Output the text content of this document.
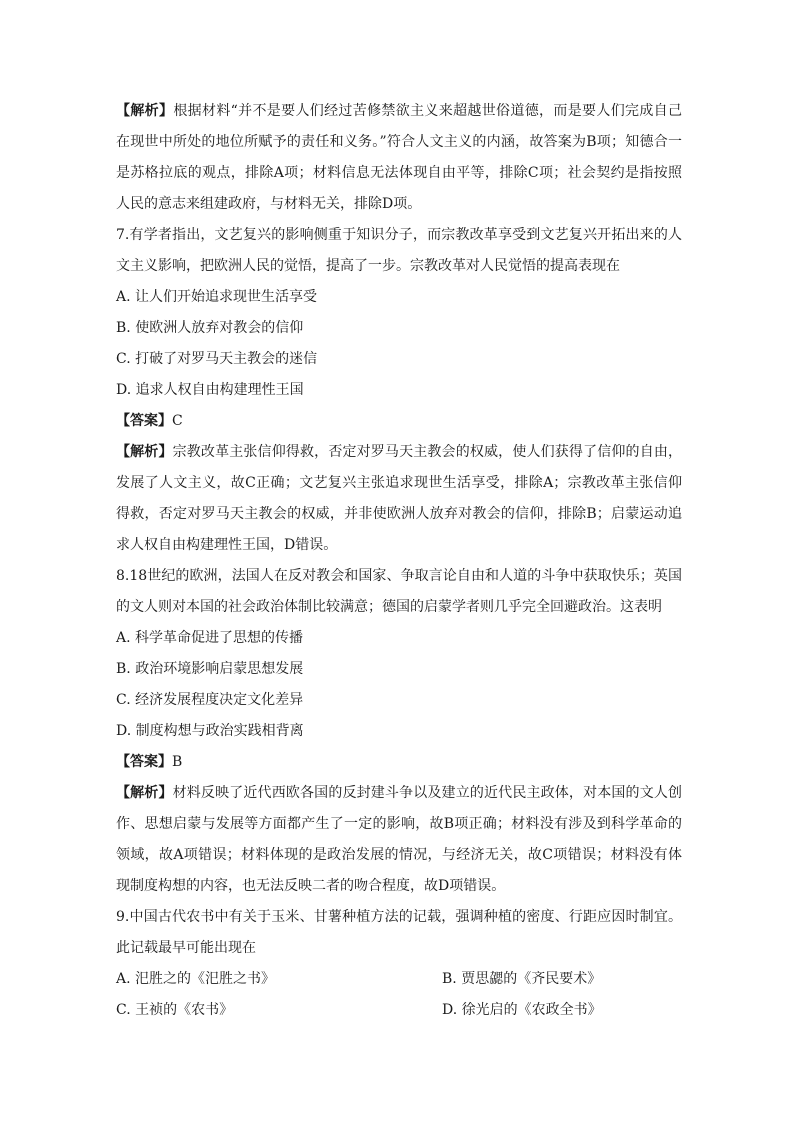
【解析】根据材料“并不是要人们经过苦修禁欲主义来超越世俗道德，而是要人们完成自己在现世中所处的地位所赋予的责任和义务。”符合人文主义的内涵，故答案为B项；知德合一是苏格拉底的观点，排除A项；材料信息无法体现自由平等，排除C项；社会契约是指按照人民的意志来组建政府，与材料无关，排除D项。

7.有学者指出，文艺复兴的影响侧重于知识分子，而宗教改革享受到文艺复兴开拓出来的人文主义影响，把欧洲人民的觉悟，提高了一步。宗教改革对人民觉悟的提高表现在

A. 让人们开始追求现世生活享受

B. 使欧洲人放弃对教会的信仰

C. 打破了对罗马天主教会的迷信

D. 追求人权自由构建理性王国

【答案】C

【解析】宗教改革主张信仰得救，否定对罗马天主教会的权威，使人们获得了信仰的自由，发展了人文主义，故C正确；文艺复兴主张追求现世生活享受，排除A；宗教改革主张信仰得救，否定对罗马天主教会的权威，并非使欧洲人放弃对教会的信仰，排除B；启蒙运动追求人权自由构建理性王国，D错误。

8.18世纪的欧洲，法国人在反对教会和国家、争取言论自由和人道的斗争中获取快乐；英国的文人则对本国的社会政治体制比较满意；德国的启蒙学者则几乎完全回避政治。这表明

A. 科学革命促进了思想的传播

B. 政治环境影响启蒙思想发展

C. 经济发展程度决定文化差异

D. 制度构想与政治实践相背离

【答案】B

【解析】材料反映了近代西欧各国的反封建斗争以及建立的近代民主政体，对本国的文人创作、思想启蒙与发展等方面都产生了一定的影响，故B项正确；材料没有涉及到科学革命的领域，故A项错误；材料体现的是政治发展的情况，与经济无关，故C项错误；材料没有体现制度构想的内容，也无法反映二者的吻合程度，故D项错误。

9.中国古代农书中有关于玉米、甘薯种植方法的记载，强调种植的密度、行距应因时制宜。此记载最早可能出现在

A. 汜胜之的《汜胜之书》	B. 贾思勰的《齐民要术》

C. 王祯的《农书》	D. 徐光启的《农政全书》
